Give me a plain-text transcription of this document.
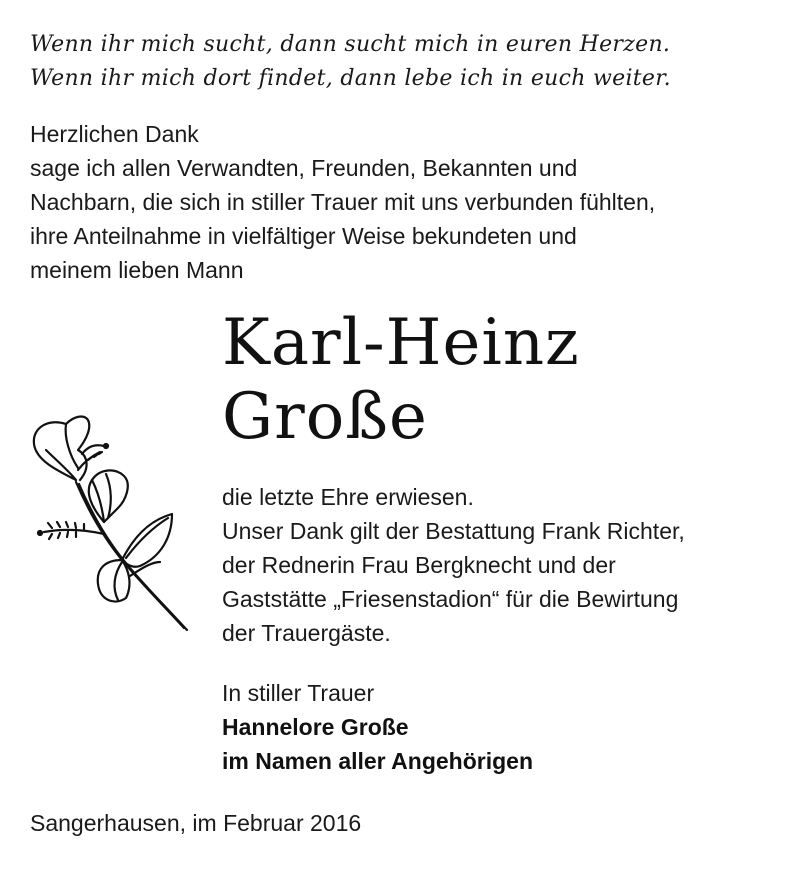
Wenn ihr mich sucht, dann sucht mich in euren Herzen.
Wenn ihr mich dort findet, dann lebe ich in euch weiter.
Herzlichen Dank
sage ich allen Verwandten, Freunden, Bekannten und
Nachbarn, die sich in stiller Trauer mit uns verbunden fühlten,
ihre Anteilnahme in vielfältiger Weise bekundeten und
meinem lieben Mann
Karl-Heinz
Große
die letzte Ehre erwiesen.
Unser Dank gilt der Bestattung Frank Richter,
der Rednerin Frau Bergknecht und der
Gaststätte „Friesenstadion“ für die Bewirtung
der Trauergäste.
In stiller Trauer
Hannelore Große
im Namen aller Angehörigen
Sangerhausen, im Februar 2016
